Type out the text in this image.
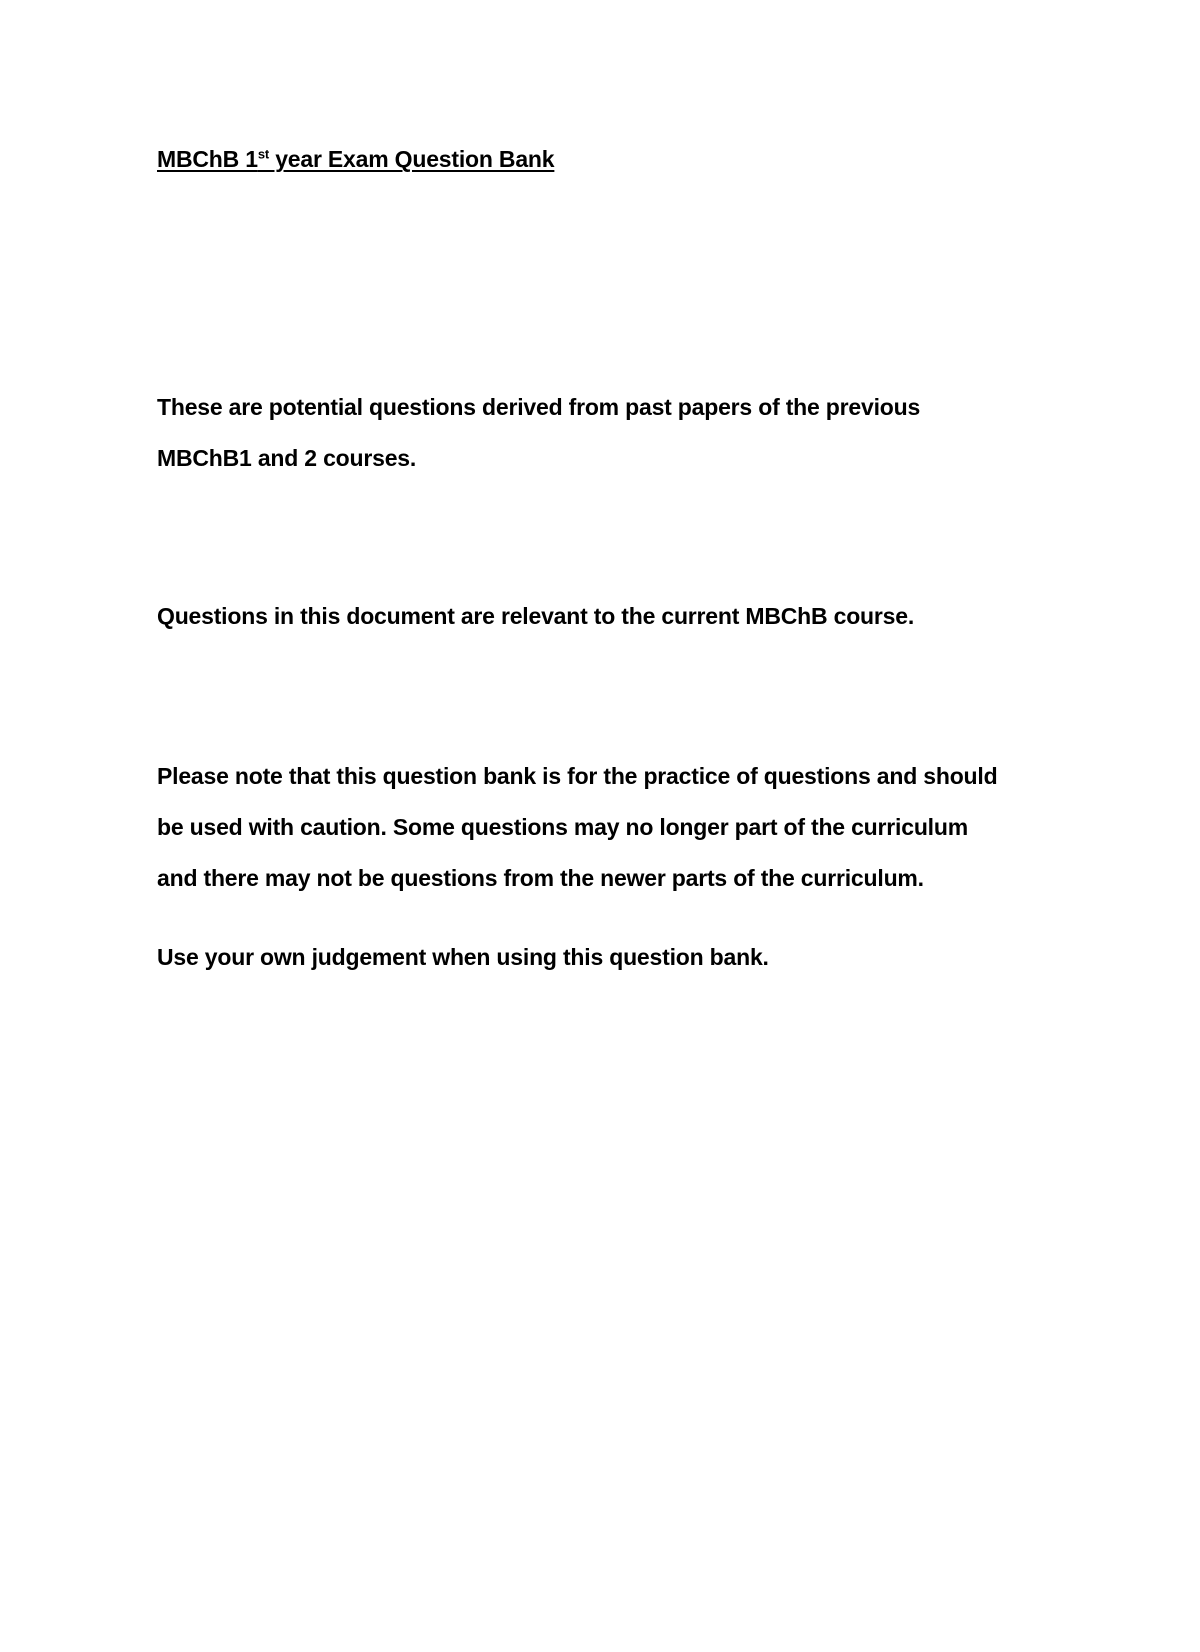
MBChB 1st year Exam Question Bank
These are potential questions derived from past papers of the previous
MBChB1 and 2 courses.
Questions in this document are relevant to the current MBChB course.
Please note that this question bank is for the practice of questions and should
be used with caution. Some questions may no longer part of the curriculum
and there may not be questions from the newer parts of the curriculum.
Use your own judgement when using this question bank.
